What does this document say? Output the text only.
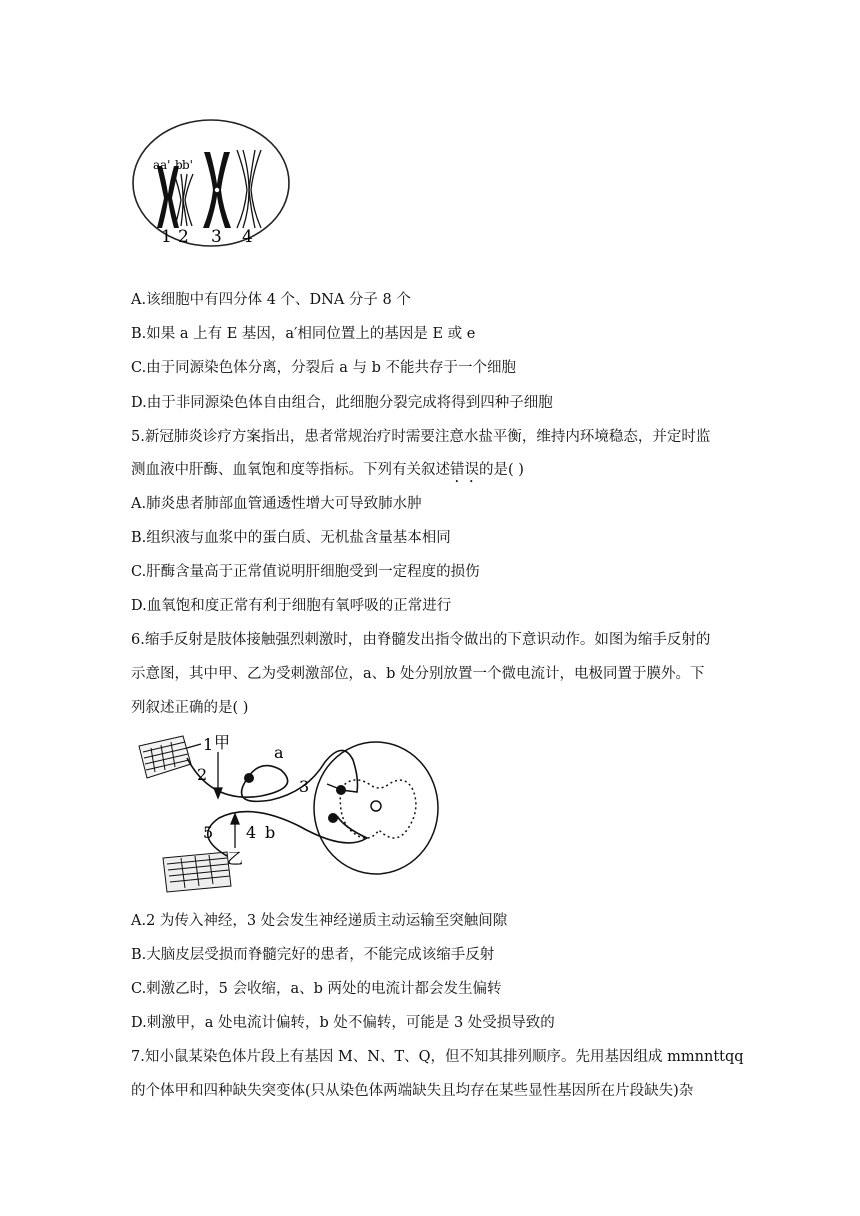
a a' b b'
1 2 3 4
A.该细胞中有四分体 4 个、DNA 分子 8 个
B.如果 a 上有 E 基因，a′相同位置上的基因是 E 或 e
C.由于同源染色体分离，分裂后 a 与 b 不能共存于一个细胞
D.由于非同源染色体自由组合，此细胞分裂完成将得到四种子细胞
5.新冠肺炎诊疗方案指出，患者常规治疗时需要注意水盐平衡，维持内环境稳态，并定时监
测血液中肝酶、血氧饱和度等指标。下列有关叙述错误的是( )
A.肺炎患者肺部血管通透性增大可导致肺水肿
B.组织液与血浆中的蛋白质、无机盐含量基本相同
C.肝酶含量高于正常值说明肝细胞受到一定程度的损伤
D.血氧饱和度正常有利于细胞有氧呼吸的正常进行
6.缩手反射是肢体接触强烈刺激时，由脊髓发出指令做出的下意识动作。如图为缩手反射的
示意图，其中甲、乙为受刺激部位，a、b 处分别放置一个微电流计，电极同置于膜外。下
列叙述正确的是( )
1 甲
2
a
3
5 4 b
乙
A.2 为传入神经，3 处会发生神经递质主动运输至突触间隙
B.大脑皮层受损而脊髓完好的患者，不能完成该缩手反射
C.刺激乙时，5 会收缩，a、b 两处的电流计都会发生偏转
D.刺激甲，a 处电流计偏转，b 处不偏转，可能是 3 处受损导致的
7.知小鼠某染色体片段上有基因 M、N、T、Q，但不知其排列顺序。先用基因组成 mmnnttqq
的个体甲和四种缺失突变体(只从染色体两端缺失且均存在某些显性基因所在片段缺失)杂
